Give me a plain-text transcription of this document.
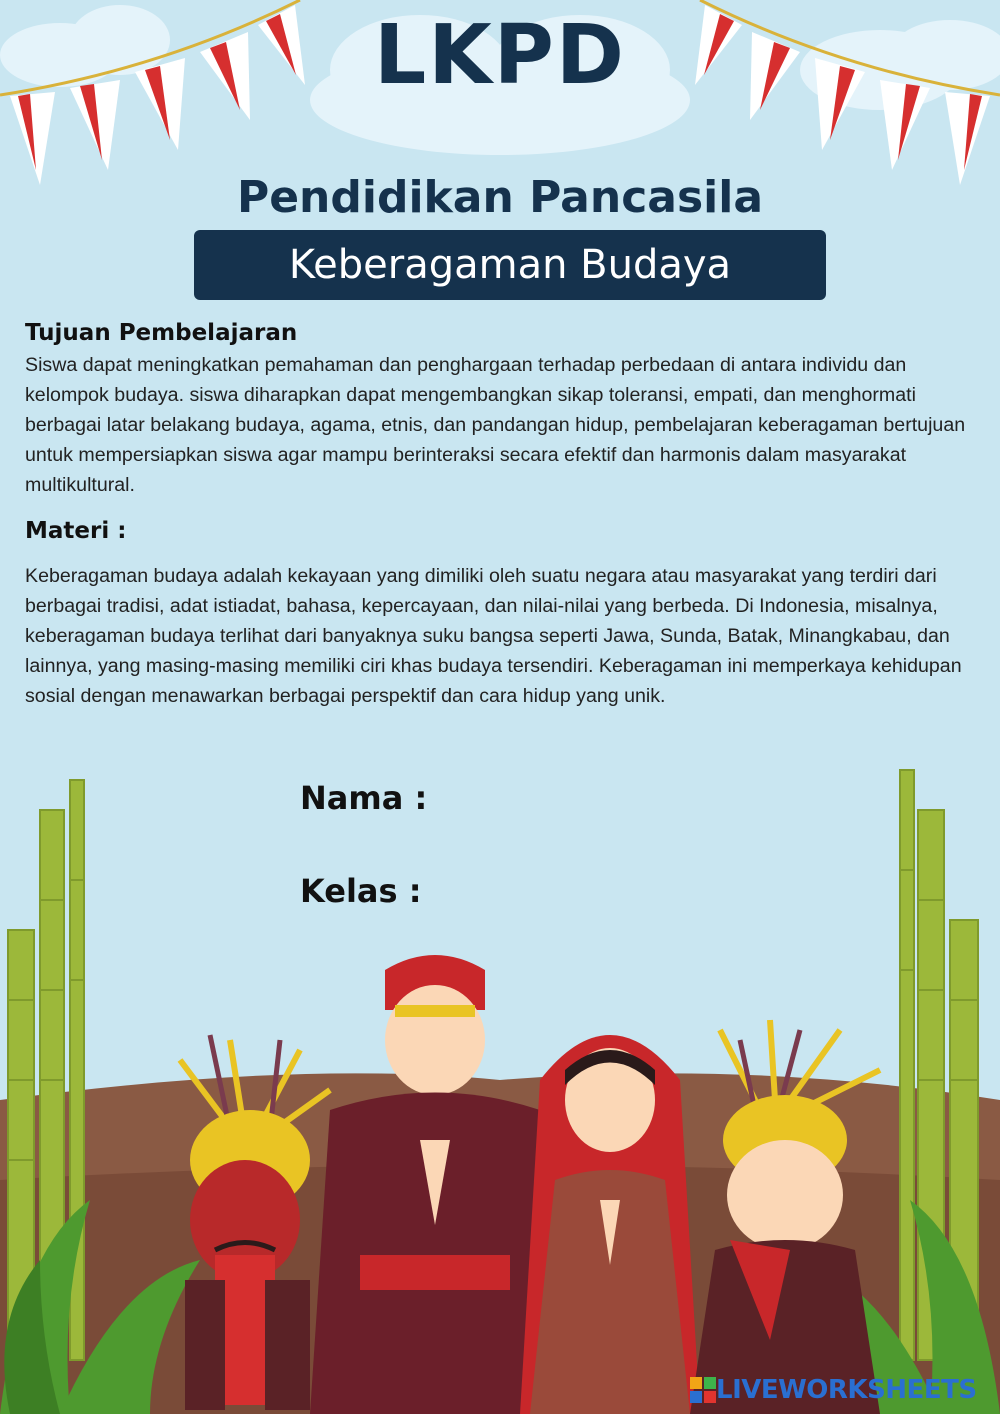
LKPD
Pendidikan Pancasila
Keberagaman Budaya
Tujuan Pembelajaran
Siswa dapat meningkatkan pemahaman dan penghargaan terhadap perbedaan di antara individu dan kelompok budaya. siswa diharapkan dapat mengembangkan sikap toleransi, empati, dan menghormati berbagai latar belakang budaya, agama, etnis, dan pandangan hidup, pembelajaran keberagaman bertujuan untuk mempersiapkan siswa agar mampu berinteraksi secara efektif dan harmonis dalam masyarakat multikultural.
Materi :
Keberagaman budaya adalah kekayaan yang dimiliki oleh suatu negara atau masyarakat yang terdiri dari berbagai tradisi, adat istiadat, bahasa, kepercayaan, dan nilai-nilai yang berbeda. Di Indonesia, misalnya, keberagaman budaya terlihat dari banyaknya suku bangsa seperti Jawa, Sunda, Batak, Minangkabau, dan lainnya, yang masing-masing memiliki ciri khas budaya tersendiri. Keberagaman ini memperkaya kehidupan sosial dengan menawarkan berbagai perspektif dan cara hidup yang unik.
Nama :
Kelas :
LIVEWORKSHEETS
